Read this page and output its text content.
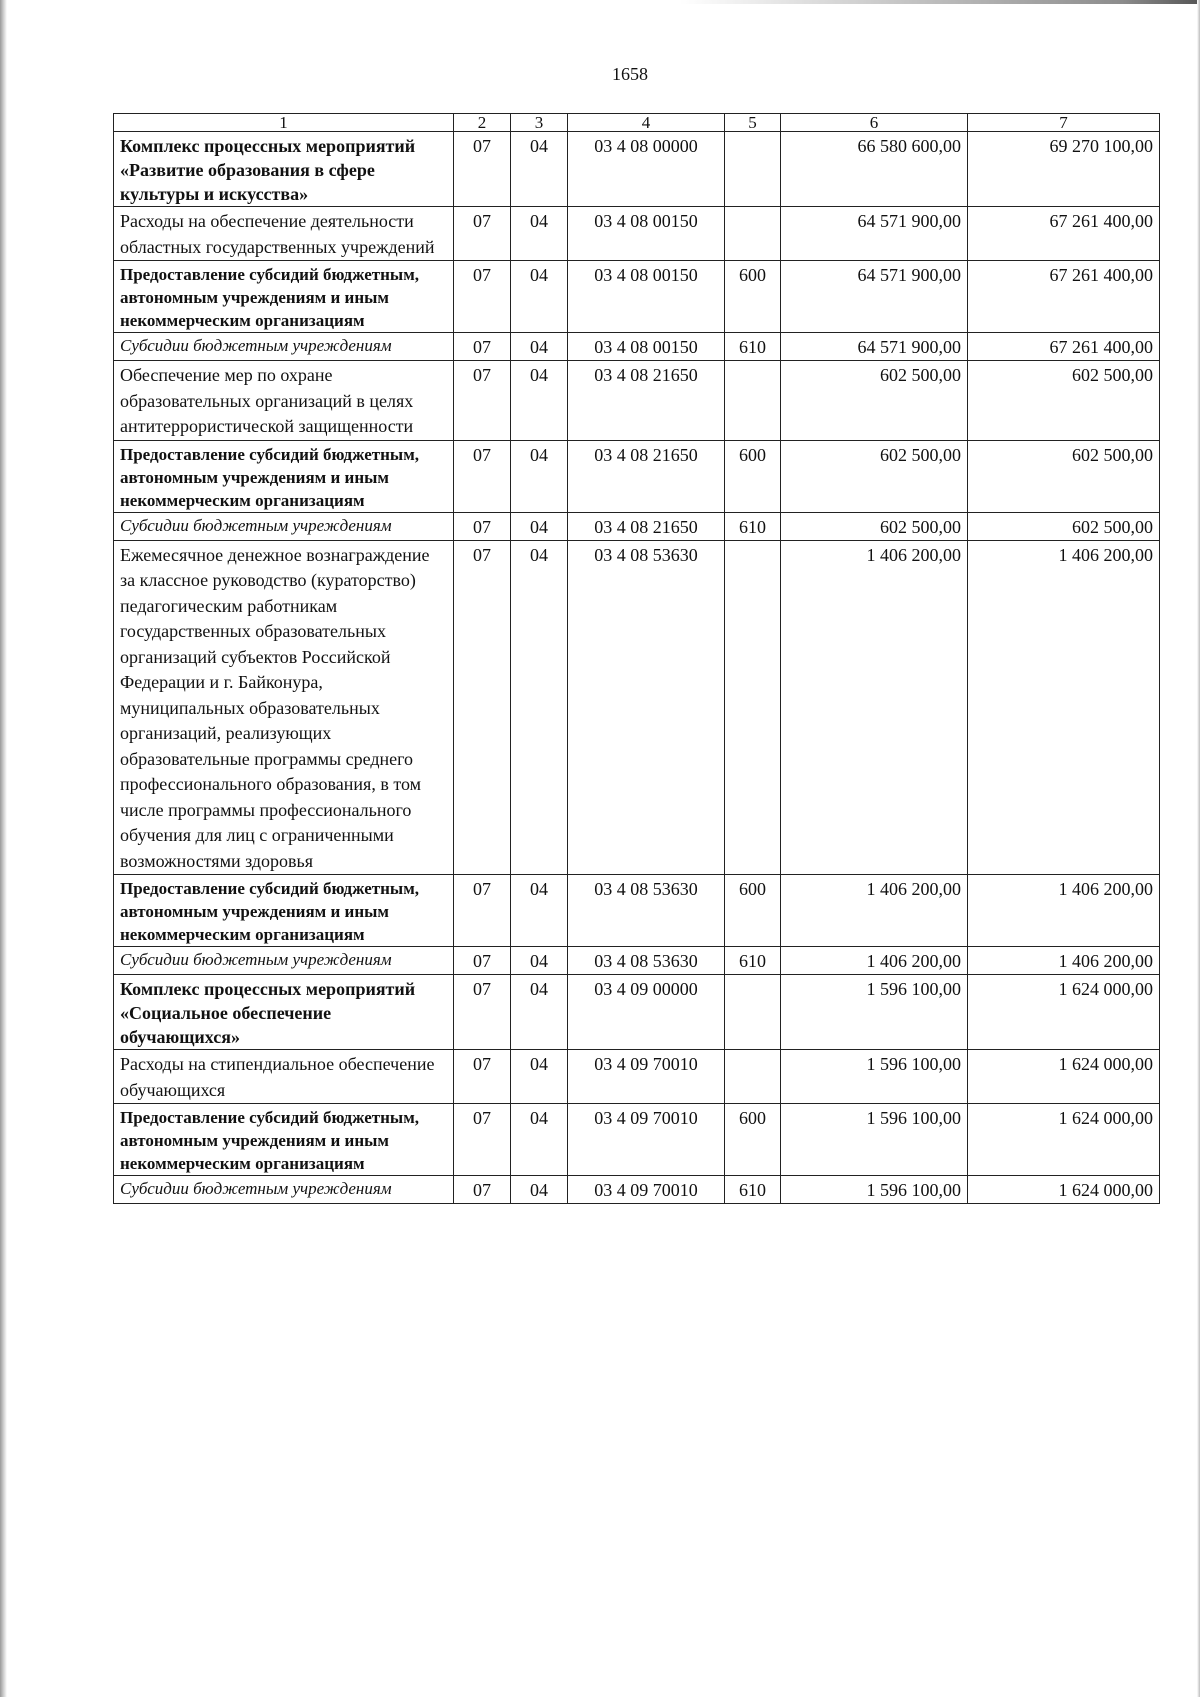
1658
1	2	3	4	5	6	7
Комплекс процессных мероприятий «Развитие образования в сфере культуры и искусства»	07	04	03 4 08 00000		66 580 600,00	69 270 100,00
Расходы на обеспечение деятельности областных государственных учреждений	07	04	03 4 08 00150		64 571 900,00	67 261 400,00
Предоставление субсидий бюджетным, автономным учреждениям и иным некоммерческим организациям	07	04	03 4 08 00150	600	64 571 900,00	67 261 400,00
Субсидии бюджетным учреждениям	07	04	03 4 08 00150	610	64 571 900,00	67 261 400,00
Обеспечение мер по охране образовательных организаций в целях антитеррористической защищенности	07	04	03 4 08 21650		602 500,00	602 500,00
Предоставление субсидий бюджетным, автономным учреждениям и иным некоммерческим организациям	07	04	03 4 08 21650	600	602 500,00	602 500,00
Субсидии бюджетным учреждениям	07	04	03 4 08 21650	610	602 500,00	602 500,00
Ежемесячное денежное вознаграждение за классное руководство (кураторство) педагогическим работникам государственных образовательных организаций субъектов Российской Федерации и г. Байконура, муниципальных образовательных организаций, реализующих образовательные программы среднего профессионального образования, в том числе программы профессионального обучения для лиц с ограниченными возможностями здоровья	07	04	03 4 08 53630		1 406 200,00	1 406 200,00
Предоставление субсидий бюджетным, автономным учреждениям и иным некоммерческим организациям	07	04	03 4 08 53630	600	1 406 200,00	1 406 200,00
Субсидии бюджетным учреждениям	07	04	03 4 08 53630	610	1 406 200,00	1 406 200,00
Комплекс процессных мероприятий «Социальное обеспечение обучающихся»	07	04	03 4 09 00000		1 596 100,00	1 624 000,00
Расходы на стипендиальное обеспечение обучающихся	07	04	03 4 09 70010		1 596 100,00	1 624 000,00
Предоставление субсидий бюджетным, автономным учреждениям и иным некоммерческим организациям	07	04	03 4 09 70010	600	1 596 100,00	1 624 000,00
Субсидии бюджетным учреждениям	07	04	03 4 09 70010	610	1 596 100,00	1 624 000,00
